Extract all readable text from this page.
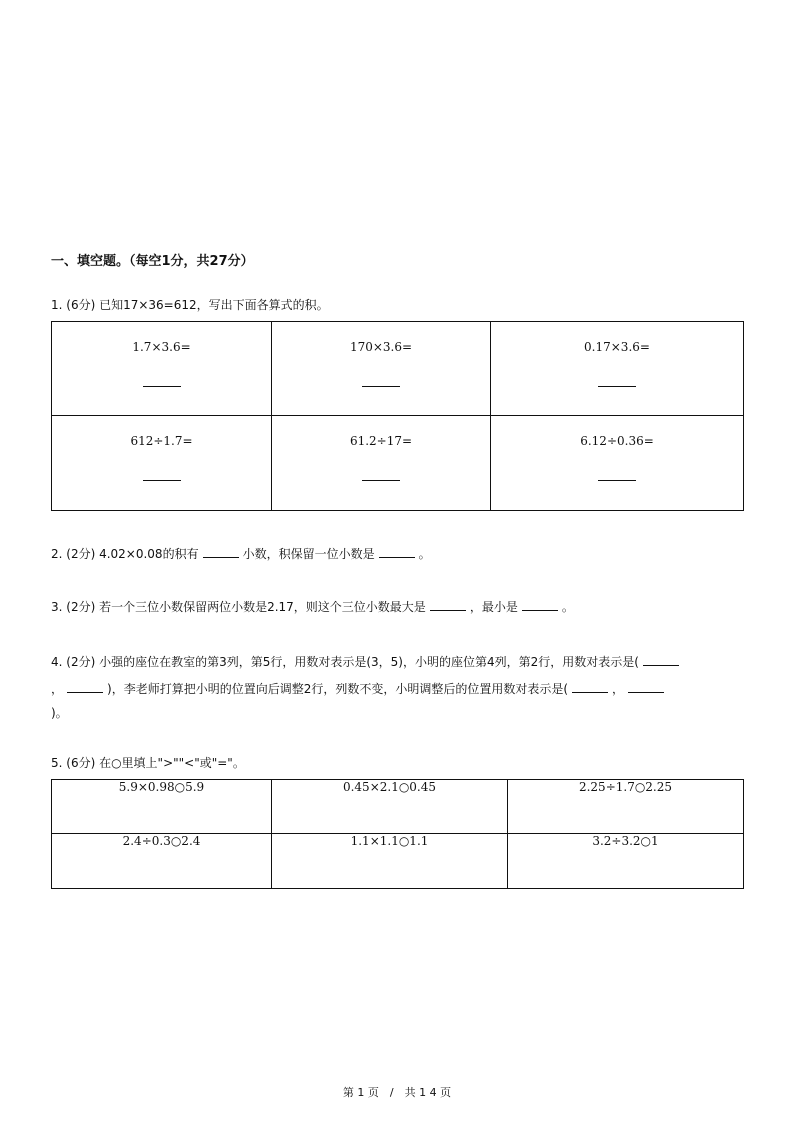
一、填空题。（每空1分，共27分）
1. (6分) 已知17×36=612，写出下面各算式的积。
1.7×3.6=	170×3.6=	0.17×3.6=

612÷1.7=	61.2÷17=	6.12÷0.36=
2. (2分) 4.02×0.08的积有	小数，积保留一位小数是	。
3. (2分) 若一个三位小数保留两位小数是2.17，则这个三位小数最大是	，最小是	。
4. (2分) 小强的座位在教室的第3列，第5行，用数对表示是(3，5)，小明的座位第4列，第2行，用数对表示是(
，	)，李老师打算把小明的位置向后调整2行，列数不变，小明调整后的位置用数对表示是(	，
)。
5. (6分) 在○里填上">""<"或"="。
5.9×0.98○5.9	0.45×2.1○0.45	2.25÷1.7○2.25
2.4÷0.3○2.4	1.1×1.1○1.1	3.2÷3.2○1
第 1 页　/　共 1 4 页
